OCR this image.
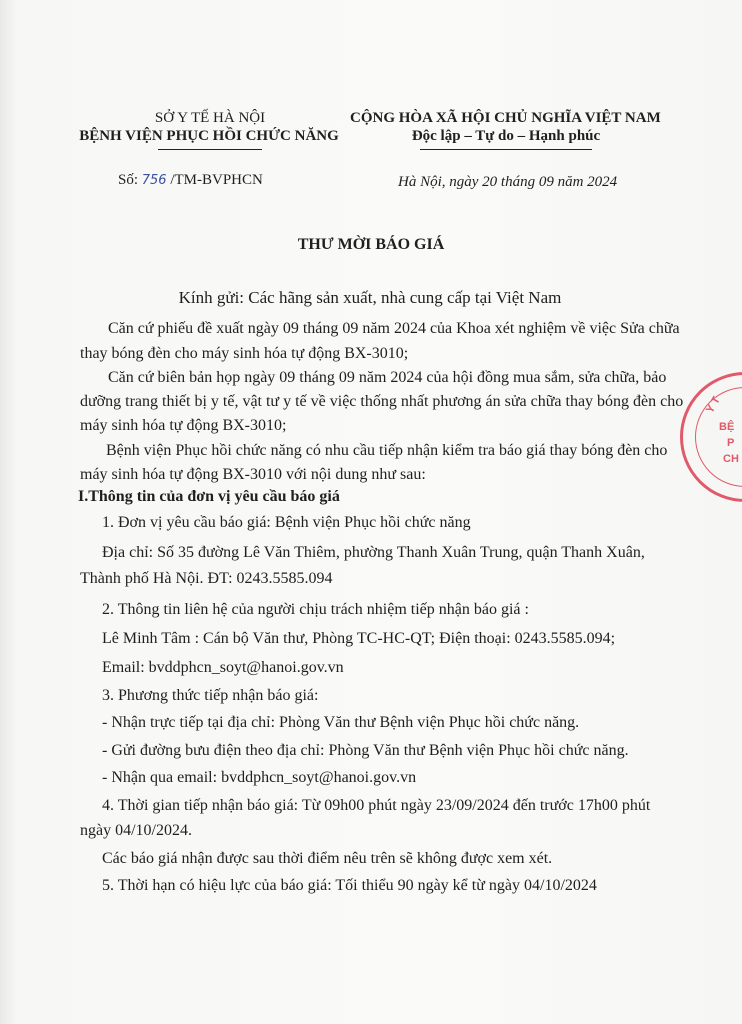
SỞ Y TẾ HÀ NỘI
BỆNH VIỆN PHỤC HỒI CHỨC NĂNG
CỘNG HÒA XÃ HỘI CHỦ NGHĨA VIỆT NAM
Độc lập – Tự do – Hạnh phúc
Số: 756 /TM-BVPHCN	Hà Nội, ngày 20 tháng 09 năm 2024
THƯ MỜI BÁO GIÁ
Kính gửi: Các hãng sản xuất, nhà cung cấp tại Việt Nam
Căn cứ phiếu đề xuất ngày 09 tháng 09 năm 2024 của Khoa xét nghiệm về việc Sửa chữa
thay bóng đèn cho máy sinh hóa tự động BX-3010;
Căn cứ biên bản họp ngày 09 tháng 09 năm 2024 của hội đồng mua sắm, sửa chữa, bảo
dưỡng trang thiết bị y tế, vật tư y tế về việc thống nhất phương án sửa chữa thay bóng đèn cho
máy sinh hóa tự động BX-3010;
Bệnh viện Phục hồi chức năng có nhu cầu tiếp nhận kiểm tra báo giá thay bóng đèn cho
máy sinh hóa tự động BX-3010 với nội dung như sau:
I.Thông tin của đơn vị yêu cầu báo giá
1. Đơn vị yêu cầu báo giá: Bệnh viện Phục hồi chức năng
Địa chỉ: Số 35 đường Lê Văn Thiêm, phường Thanh Xuân Trung, quận Thanh Xuân,
Thành phố Hà Nội. ĐT: 0243.5585.094
2. Thông tin liên hệ của người chịu trách nhiệm tiếp nhận báo giá :
Lê Minh Tâm : Cán bộ Văn thư, Phòng TC-HC-QT; Điện thoại: 0243.5585.094;
Email: bvddphcn_soyt@hanoi.gov.vn
3. Phương thức tiếp nhận báo giá:
- Nhận trực tiếp tại địa chỉ: Phòng Văn thư Bệnh viện Phục hồi chức năng.
- Gửi đường bưu điện theo địa chỉ: Phòng Văn thư Bệnh viện Phục hồi chức năng.
- Nhận qua email: bvddphcn_soyt@hanoi.gov.vn
4. Thời gian tiếp nhận báo giá: Từ 09h00 phút ngày 23/09/2024 đến trước 17h00 phút
ngày 04/10/2024.
Các báo giá nhận được sau thời điểm nêu trên sẽ không được xem xét.
5. Thời hạn có hiệu lực của báo giá: Tối thiểu 90 ngày kể từ ngày 04/10/2024
Y T
BỆ
P
CH
